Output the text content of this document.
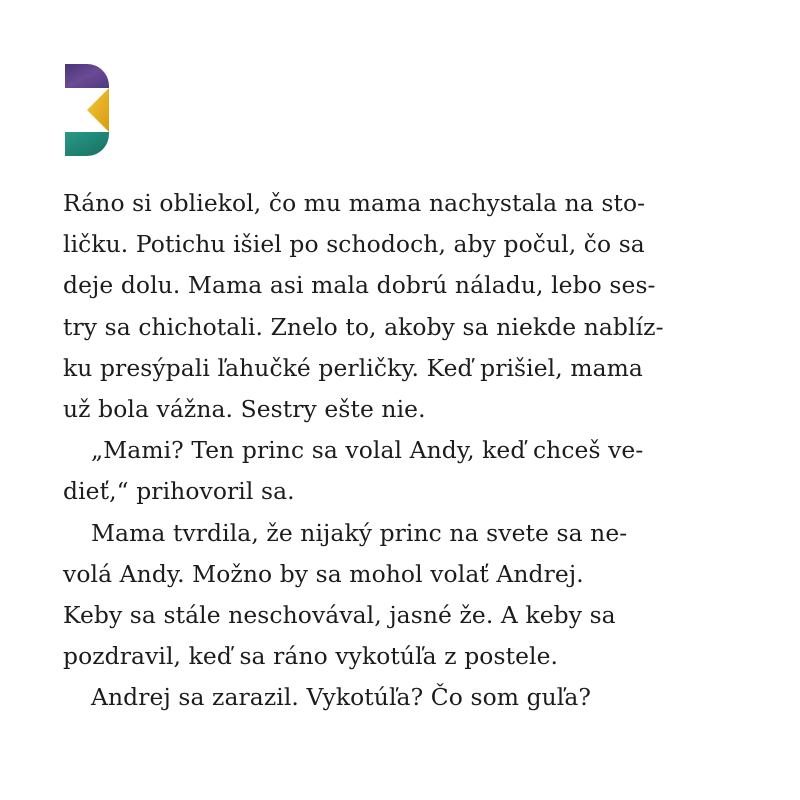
Ráno si obliekol, čo mu mama nachystala na sto-
ličku. Potichu išiel po schodoch, aby počul, čo sa
deje dolu. Mama asi mala dobrú náladu, lebo ses-
try sa chichotali. Znelo to, akoby sa niekde nablíz-
ku presýpali ľahučké perličky. Keď prišiel, mama
už bola vážna. Sestry ešte nie.
„Mami? Ten princ sa volal Andy, keď chceš ve-
dieť,“ prihovoril sa.
Mama tvrdila, že nijaký princ na svete sa ne-
volá Andy. Možno by sa mohol volať Andrej.
Keby sa stále neschovával, jasné že. A keby sa
pozdravil, keď sa ráno vykotúľa z postele.
Andrej sa zarazil. Vykotúľa? Čo som guľa?
